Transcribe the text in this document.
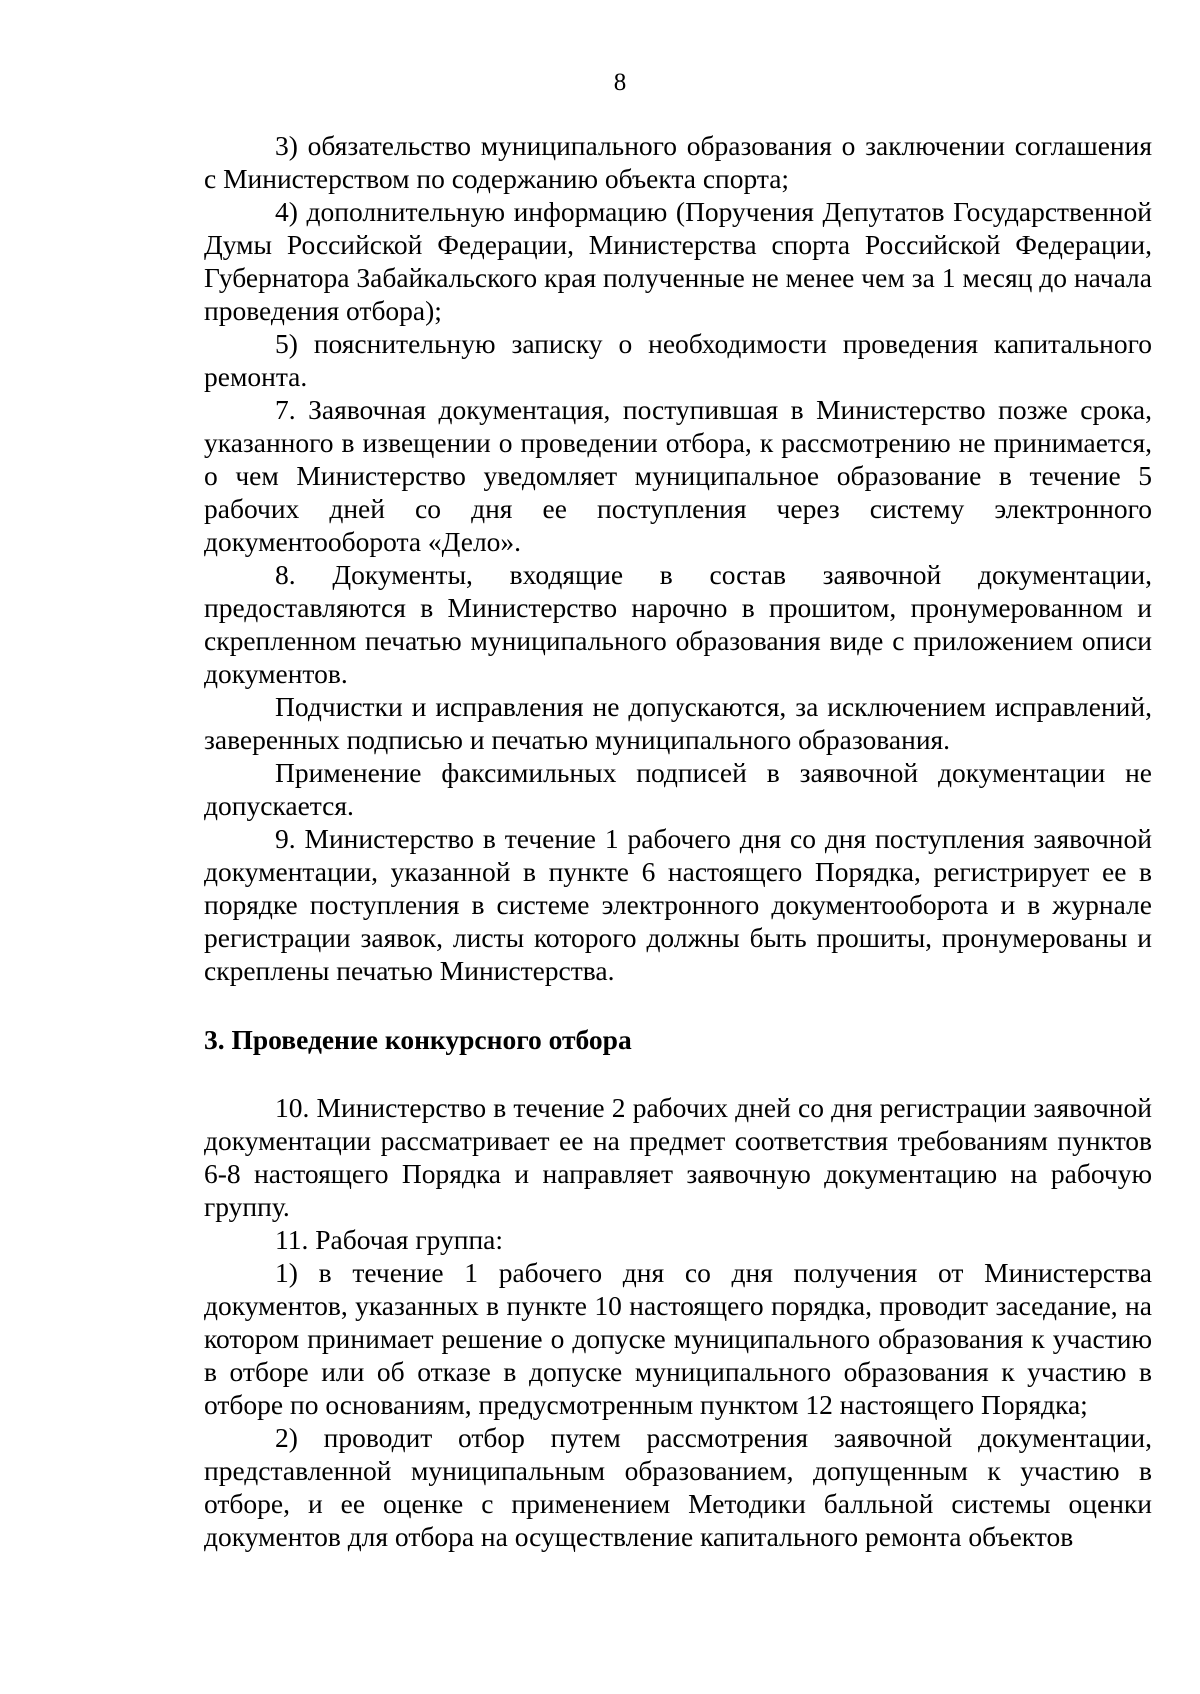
8

3) обязательство муниципального образования о заключении соглашения с Министерством по содержанию объекта спорта;

4) дополнительную информацию (Поручения Депутатов Государственной Думы Российской Федерации, Министерства спорта Российской Федерации, Губернатора Забайкальского края полученные не менее чем за 1 месяц до начала проведения отбора);

5) пояснительную записку о необходимости проведения капитального ремонта.

7. Заявочная документация, поступившая в Министерство позже срока, указанного в извещении о проведении отбора, к рассмотрению не принимается, о чем Министерство уведомляет муниципальное образование в течение 5 рабочих дней со дня ее поступления через систему электронного документооборота «Дело».

8. Документы, входящие в состав заявочной документации, предоставляются в Министерство нарочно в прошитом, пронумерованном и скрепленном печатью муниципального образования виде с приложением описи документов.

Подчистки и исправления не допускаются, за исключением исправлений, заверенных подписью и печатью муниципального образования.

Применение факсимильных подписей в заявочной документации не допускается.

9. Министерство в течение 1 рабочего дня со дня поступления заявочной документации, указанной в пункте 6 настоящего Порядка, регистрирует ее в порядке поступления в системе электронного документооборота и в журнале регистрации заявок, листы которого должны быть прошиты, пронумерованы и скреплены печатью Министерства.

3. Проведение конкурсного отбора

10. Министерство в течение 2 рабочих дней со дня регистрации заявочной документации рассматривает ее на предмет соответствия требованиям пунктов 6-8 настоящего Порядка и направляет заявочную документацию на рабочую группу.

11. Рабочая группа:

1) в течение 1 рабочего дня со дня получения от Министерства документов, указанных в пункте 10 настоящего порядка, проводит заседание, на котором принимает решение о допуске муниципального образования к участию в отборе или об отказе в допуске муниципального образования к участию в отборе по основаниям, предусмотренным пунктом 12 настоящего Порядка;

2) проводит отбор путем рассмотрения заявочной документации, представленной муниципальным образованием, допущенным к участию в отборе, и ее оценке с применением Методики балльной системы оценки документов для отбора на осуществление капитального ремонта объектов
